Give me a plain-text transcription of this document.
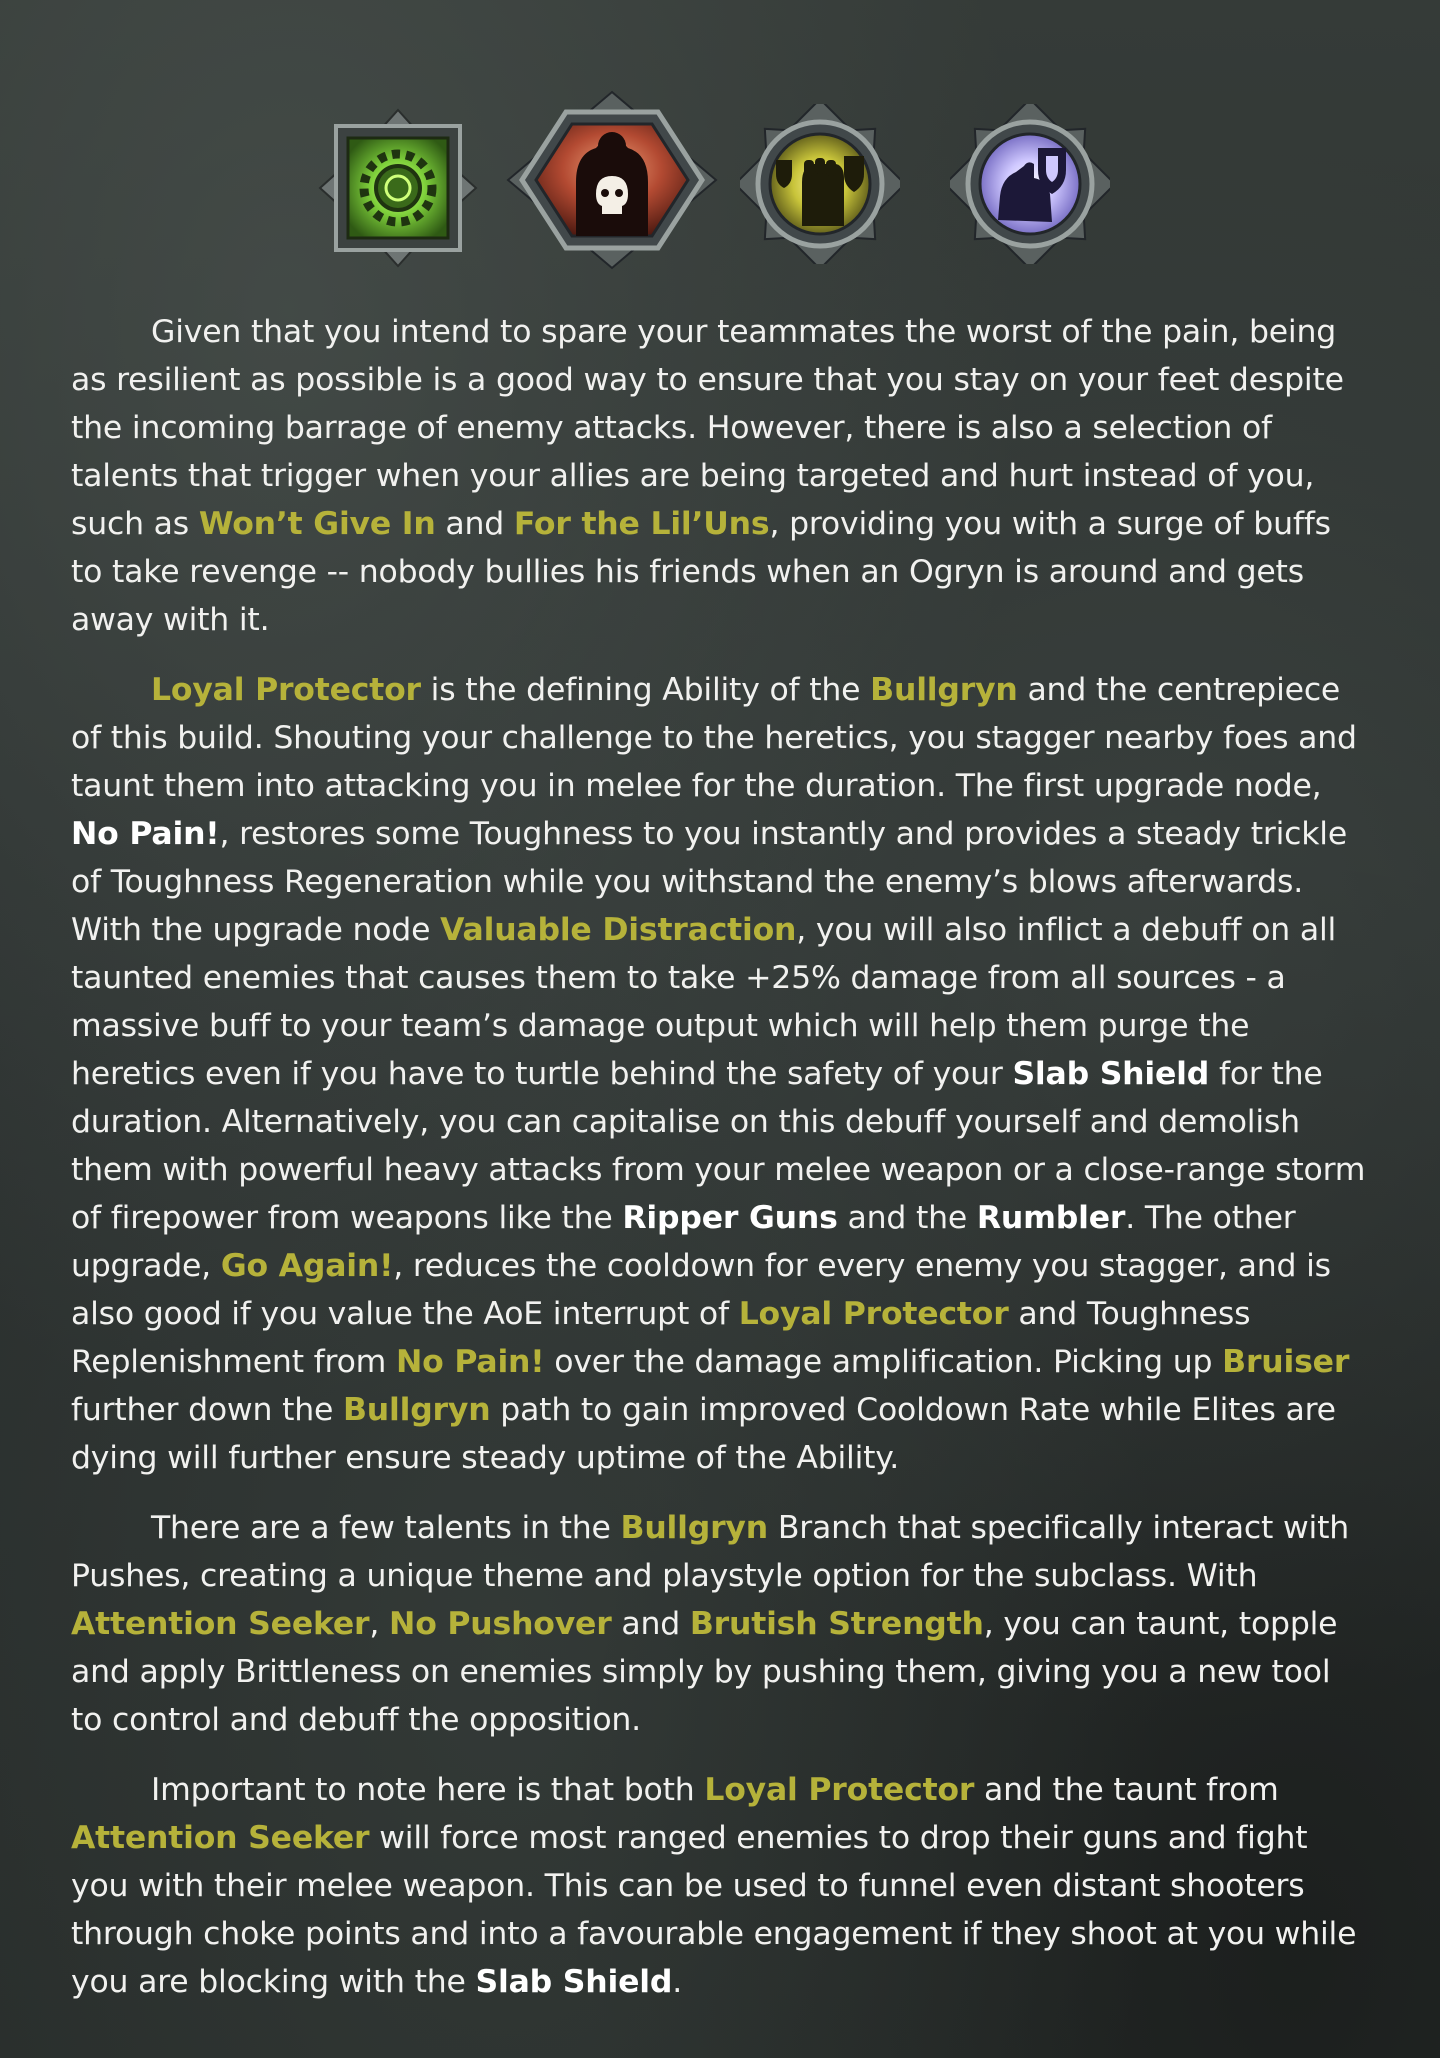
Given that you intend to spare your teammates the worst of the pain, being as resilient as possible is a good way to ensure that you stay on your feet despite the incoming barrage of enemy attacks. However, there is also a selection of talents that trigger when your allies are being targeted and hurt instead of you, such as Won’t Give In and For the Lil’Uns, providing you with a surge of buffs to take revenge -- nobody bullies his friends when an Ogryn is around and gets away with it.

Loyal Protector is the defining Ability of the Bullgryn and the centrepiece of this build. Shouting your challenge to the heretics, you stagger nearby foes and taunt them into attacking you in melee for the duration. The first upgrade node, No Pain!, restores some Toughness to you instantly and provides a steady trickle of Toughness Regeneration while you withstand the enemy’s blows afterwards. With the upgrade node Valuable Distraction, you will also inflict a debuff on all taunted enemies that causes them to take +25% damage from all sources - a massive buff to your team’s damage output which will help them purge the heretics even if you have to turtle behind the safety of your Slab Shield for the duration. Alternatively, you can capitalise on this debuff yourself and demolish them with powerful heavy attacks from your melee weapon or a close-range storm of firepower from weapons like the Ripper Guns and the Rumbler. The other upgrade, Go Again!, reduces the cooldown for every enemy you stagger, and is also good if you value the AoE interrupt of Loyal Protector and Toughness Replenishment from No Pain! over the damage amplification. Picking up Bruiser further down the Bullgryn path to gain improved Cooldown Rate while Elites are dying will further ensure steady uptime of the Ability.

There are a few talents in the Bullgryn Branch that specifically interact with Pushes, creating a unique theme and playstyle option for the subclass. With Attention Seeker, No Pushover and Brutish Strength, you can taunt, topple and apply Brittleness on enemies simply by pushing them, giving you a new tool to control and debuff the opposition.

Important to note here is that both Loyal Protector and the taunt from Attention Seeker will force most ranged enemies to drop their guns and fight you with their melee weapon. This can be used to funnel even distant shooters through choke points and into a favourable engagement if they shoot at you while you are blocking with the Slab Shield.
